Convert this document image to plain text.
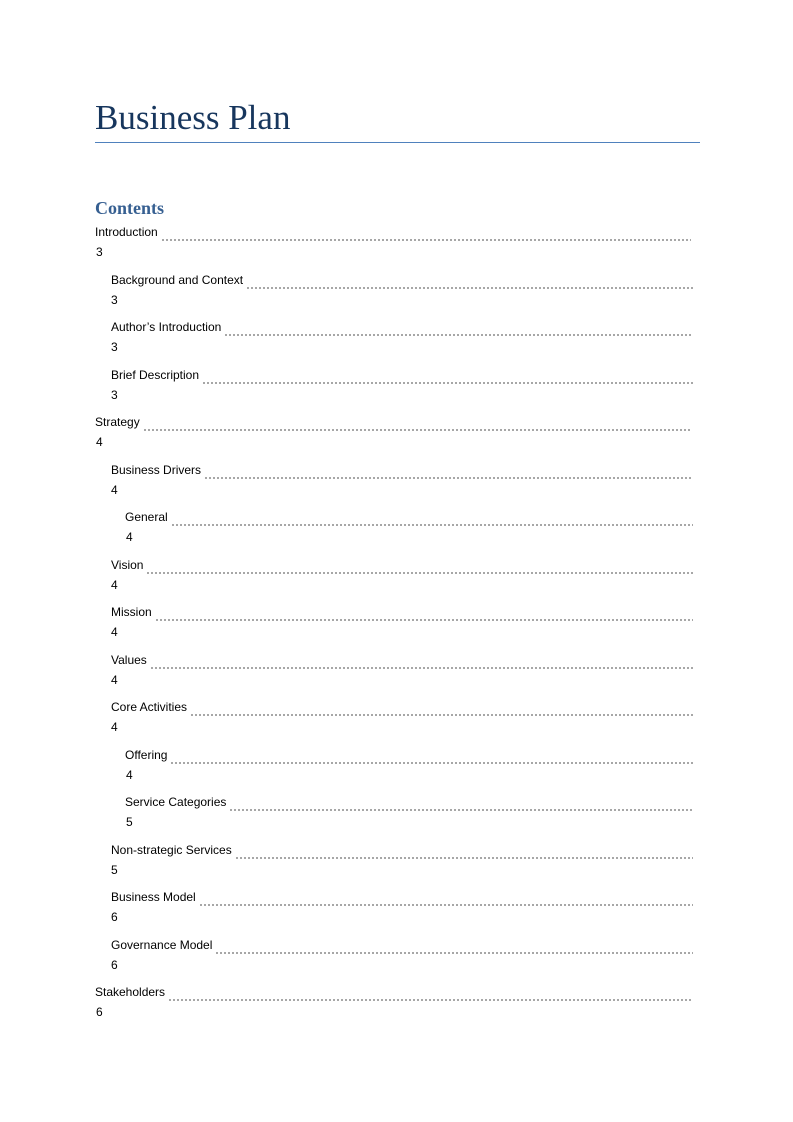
Business Plan
Contents
Introduction
3
Background and Context
3
Author’s Introduction
3
Brief Description
3
Strategy
4
Business Drivers
4
General
4
Vision
4
Mission
4
Values
4
Core Activities
4
Offering
4
Service Categories
5
Non-strategic Services
5
Business Model
6
Governance Model
6
Stakeholders
6
